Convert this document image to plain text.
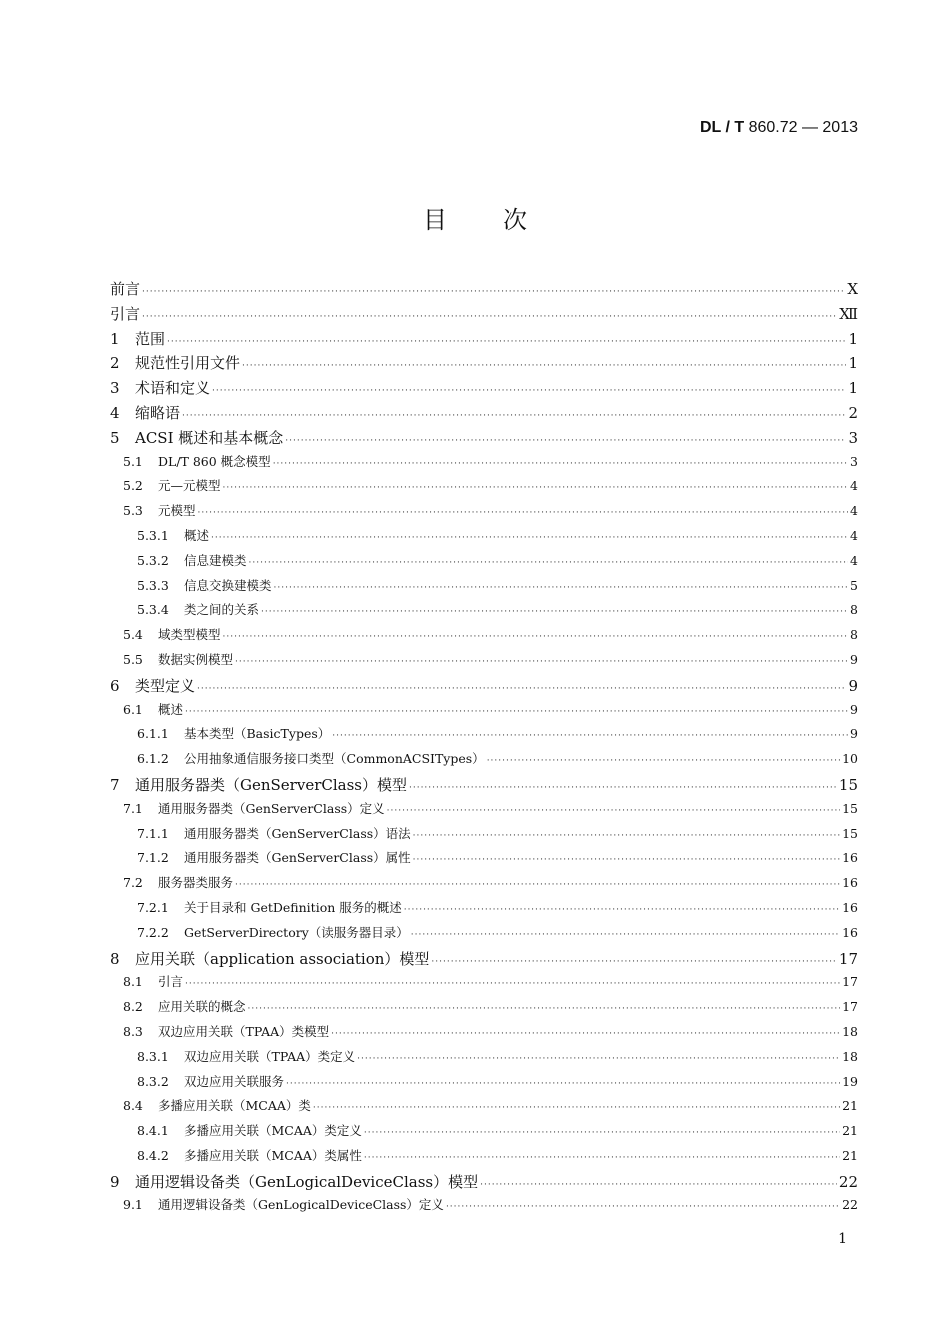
DL / T 860.72 — 2013
目次
前言 ·····	Ⅹ
引言 ·····	Ⅻ
1	范围 ·····	1
2	规范性引用文件 ·····	1
3	术语和定义 ·····	1
4	缩略语 ·····	2
5	ACSI 概述和基本概念 ·····	3
5.1	DL/T 860 概念模型 ·····	3
5.2	元—元模型 ·····	4
5.3	元模型 ·····	4
5.3.1	概述 ·····	4
5.3.2	信息建模类 ·····	4
5.3.3	信息交换建模类 ·····	5
5.3.4	类之间的关系 ·····	8
5.4	域类型模型 ·····	8
5.5	数据实例模型 ·····	9
6	类型定义 ·····	9
6.1	概述 ·····	9
6.1.1	基本类型（BasicTypes） ·····	9
6.1.2	公用抽象通信服务接口类型（CommonACSITypes） ·····	10
7	通用服务器类（GenServerClass）模型 ·····	15
7.1	通用服务器类（GenServerClass）定义 ·····	15
7.1.1	通用服务器类（GenServerClass）语法 ·····	15
7.1.2	通用服务器类（GenServerClass）属性 ·····	16
7.2	服务器类服务 ·····	16
7.2.1	关于目录和 GetDefinition 服务的概述 ·····	16
7.2.2	GetServerDirectory（读服务器目录） ·····	16
8	应用关联（application association）模型 ·····	17
8.1	引言 ·····	17
8.2	应用关联的概念 ·····	17
8.3	双边应用关联（TPAA）类模型 ·····	18
8.3.1	双边应用关联（TPAA）类定义 ·····	18
8.3.2	双边应用关联服务 ·····	19
8.4	多播应用关联（MCAA）类 ·····	21
8.4.1	多播应用关联（MCAA）类定义 ·····	21
8.4.2	多播应用关联（MCAA）类属性 ·····	21
9	通用逻辑设备类（GenLogicalDeviceClass）模型 ·····	22
9.1	通用逻辑设备类（GenLogicalDeviceClass）定义 ·····	22
1
